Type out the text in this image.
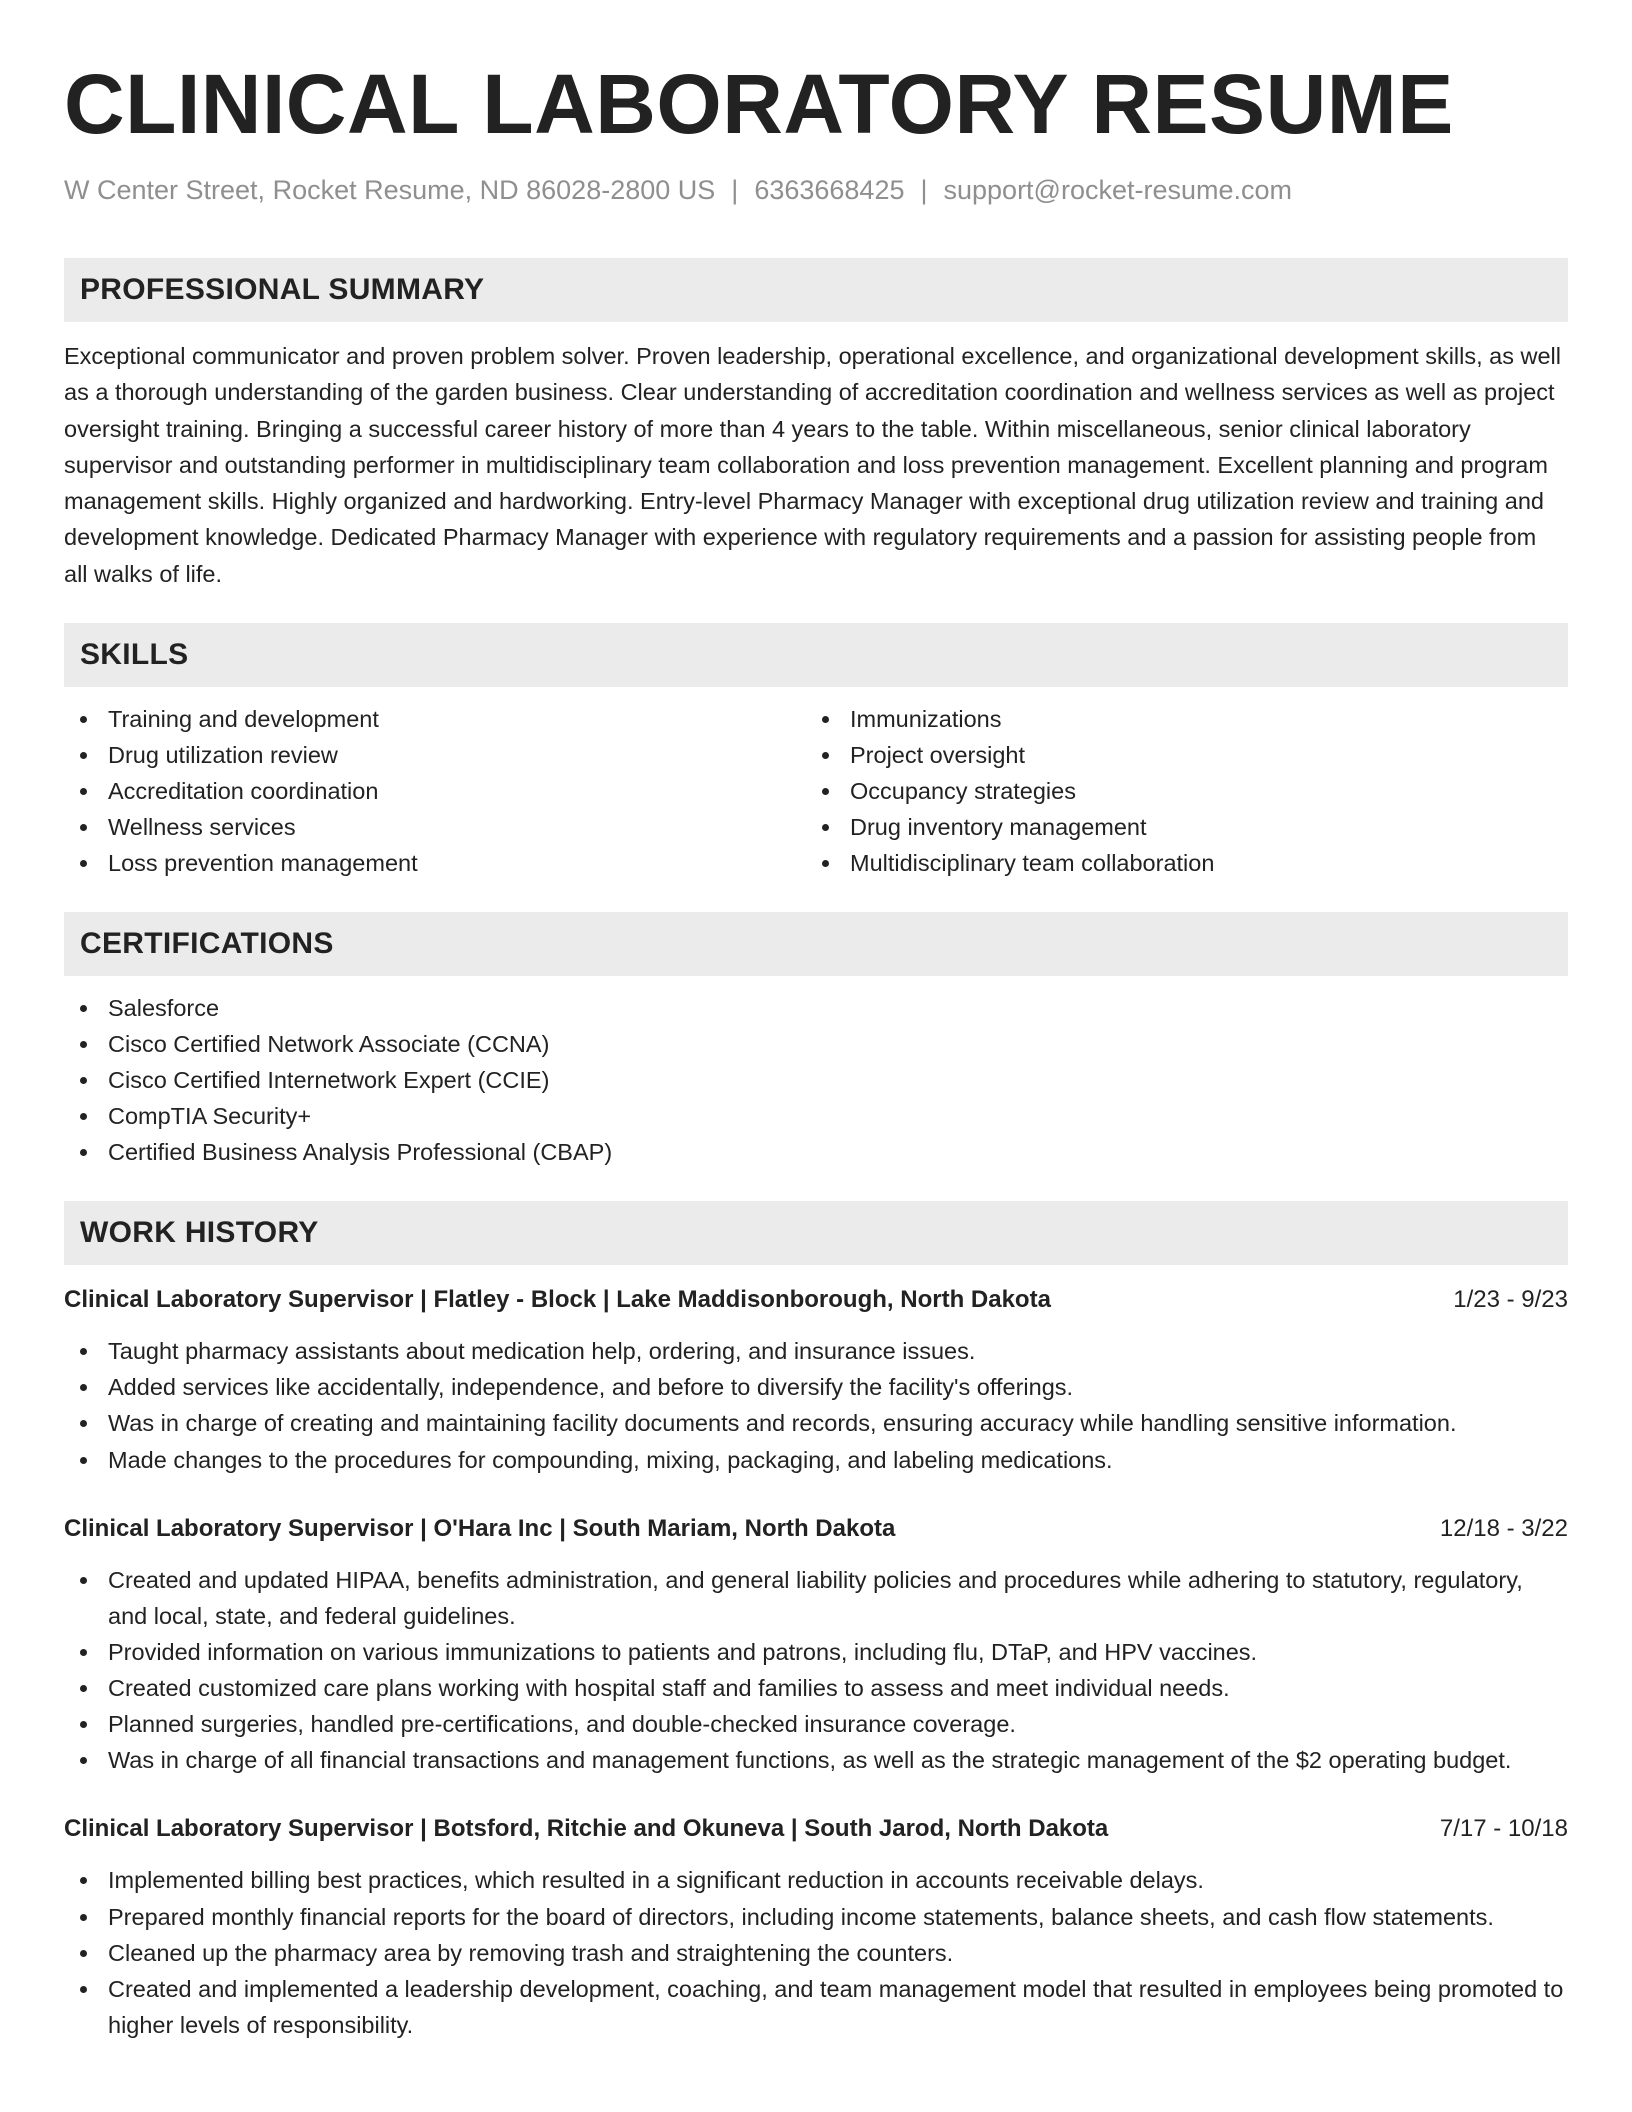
CLINICAL LABORATORY RESUME
W Center Street, Rocket Resume, ND 86028-2800 US | 6363668425 | support@rocket-resume.com
PROFESSIONAL SUMMARY

Exceptional communicator and proven problem solver. Proven leadership, operational excellence, and organizational development skills, as well as a thorough understanding of the garden business. Clear understanding of accreditation coordination and wellness services as well as project oversight training. Bringing a successful career history of more than 4 years to the table. Within miscellaneous, senior clinical laboratory supervisor and outstanding performer in multidisciplinary team collaboration and loss prevention management. Excellent planning and program management skills. Highly organized and hardworking. Entry-level Pharmacy Manager with exceptional drug utilization review and training and development knowledge. Dedicated Pharmacy Manager with experience with regulatory requirements and a passion for assisting people from all walks of life.

SKILLS
Training and development
Drug utilization review
Accreditation coordination
Wellness services
Loss prevention management
Immunizations
Project oversight
Occupancy strategies
Drug inventory management
Multidisciplinary team collaboration
CERTIFICATIONS
Salesforce
Cisco Certified Network Associate (CCNA)
Cisco Certified Internetwork Expert (CCIE)
CompTIA Security+
Certified Business Analysis Professional (CBAP)
WORK HISTORY
Clinical Laboratory Supervisor | Flatley - Block | Lake Maddisonborough, North Dakota	1/23 - 9/23
Taught pharmacy assistants about medication help, ordering, and insurance issues.
Added services like accidentally, independence, and before to diversify the facility's offerings.
Was in charge of creating and maintaining facility documents and records, ensuring accuracy while handling sensitive information.
Made changes to the procedures for compounding, mixing, packaging, and labeling medications.
Clinical Laboratory Supervisor | O'Hara Inc | South Mariam, North Dakota	12/18 - 3/22
Created and updated HIPAA, benefits administration, and general liability policies and procedures while adhering to statutory, regulatory, and local, state, and federal guidelines.
Provided information on various immunizations to patients and patrons, including flu, DTaP, and HPV vaccines.
Created customized care plans working with hospital staff and families to assess and meet individual needs.
Planned surgeries, handled pre-certifications, and double-checked insurance coverage.
Was in charge of all financial transactions and management functions, as well as the strategic management of the $2 operating budget.
Clinical Laboratory Supervisor | Botsford, Ritchie and Okuneva | South Jarod, North Dakota	7/17 - 10/18
Implemented billing best practices, which resulted in a significant reduction in accounts receivable delays.
Prepared monthly financial reports for the board of directors, including income statements, balance sheets, and cash flow statements.
Cleaned up the pharmacy area by removing trash and straightening the counters.
Created and implemented a leadership development, coaching, and team management model that resulted in employees being promoted to higher levels of responsibility.
